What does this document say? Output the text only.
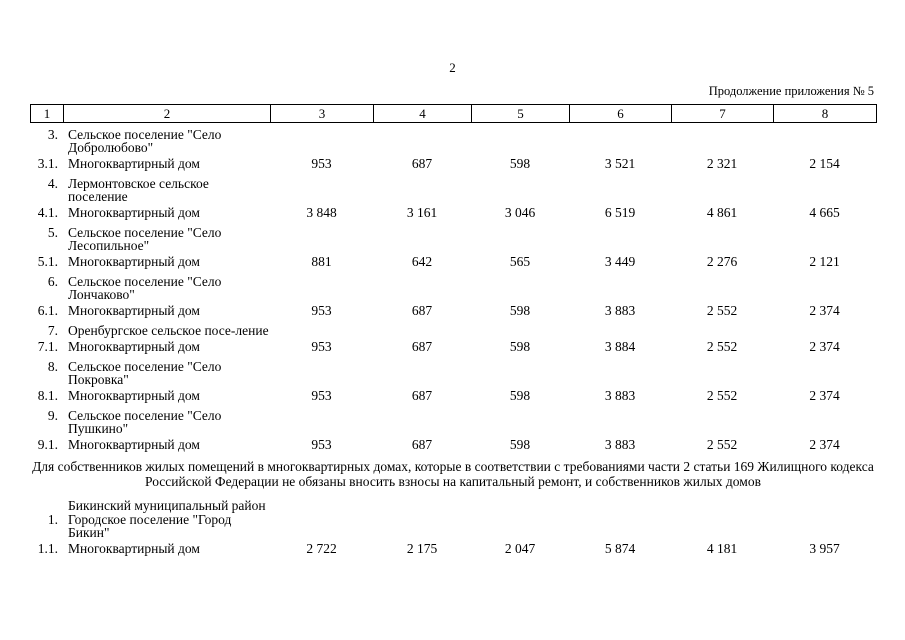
2
Продолжение приложения № 5
1	2	3	4	5	6	7	8
3.	Сельское поселение "Село Добролюбово"						
3.1.	Многоквартирный дом	953	687	598	3 521	2 321	2 154
4.	Лермонтовское сельское поселение						
4.1.	Многоквартирный дом	3 848	3 161	3 046	6 519	4 861	4 665
5.	Сельское поселение "Село Лесопильное"						
5.1.	Многоквартирный дом	881	642	565	3 449	2 276	2 121
6.	Сельское поселение "Село Лончаково"						
6.1.	Многоквартирный дом	953	687	598	3 883	2 552	2 374
7.	Оренбургское сельское посе-ление						
7.1.	Многоквартирный дом	953	687	598	3 884	2 552	2 374
8.	Сельское поселение "Село Покровка"						
8.1.	Многоквартирный дом	953	687	598	3 883	2 552	2 374
9.	Сельское поселение "Село Пушкино"						
9.1.	Многоквартирный дом	953	687	598	3 883	2 552	2 374
Для собственников жилых помещений в многоквартирных домах, которые в соответствии с требованиями части 2 статьи 169 Жилищного кодекса Российской Федерации не обязаны вносить взносы на капитальный ремонт, и собственников жилых домов							
	Бикинский муниципальный район						
1.	Городское поселение "Город Бикин"						
1.1.	Многоквартирный дом	2 722	2 175	2 047	5 874	4 181	3 957
